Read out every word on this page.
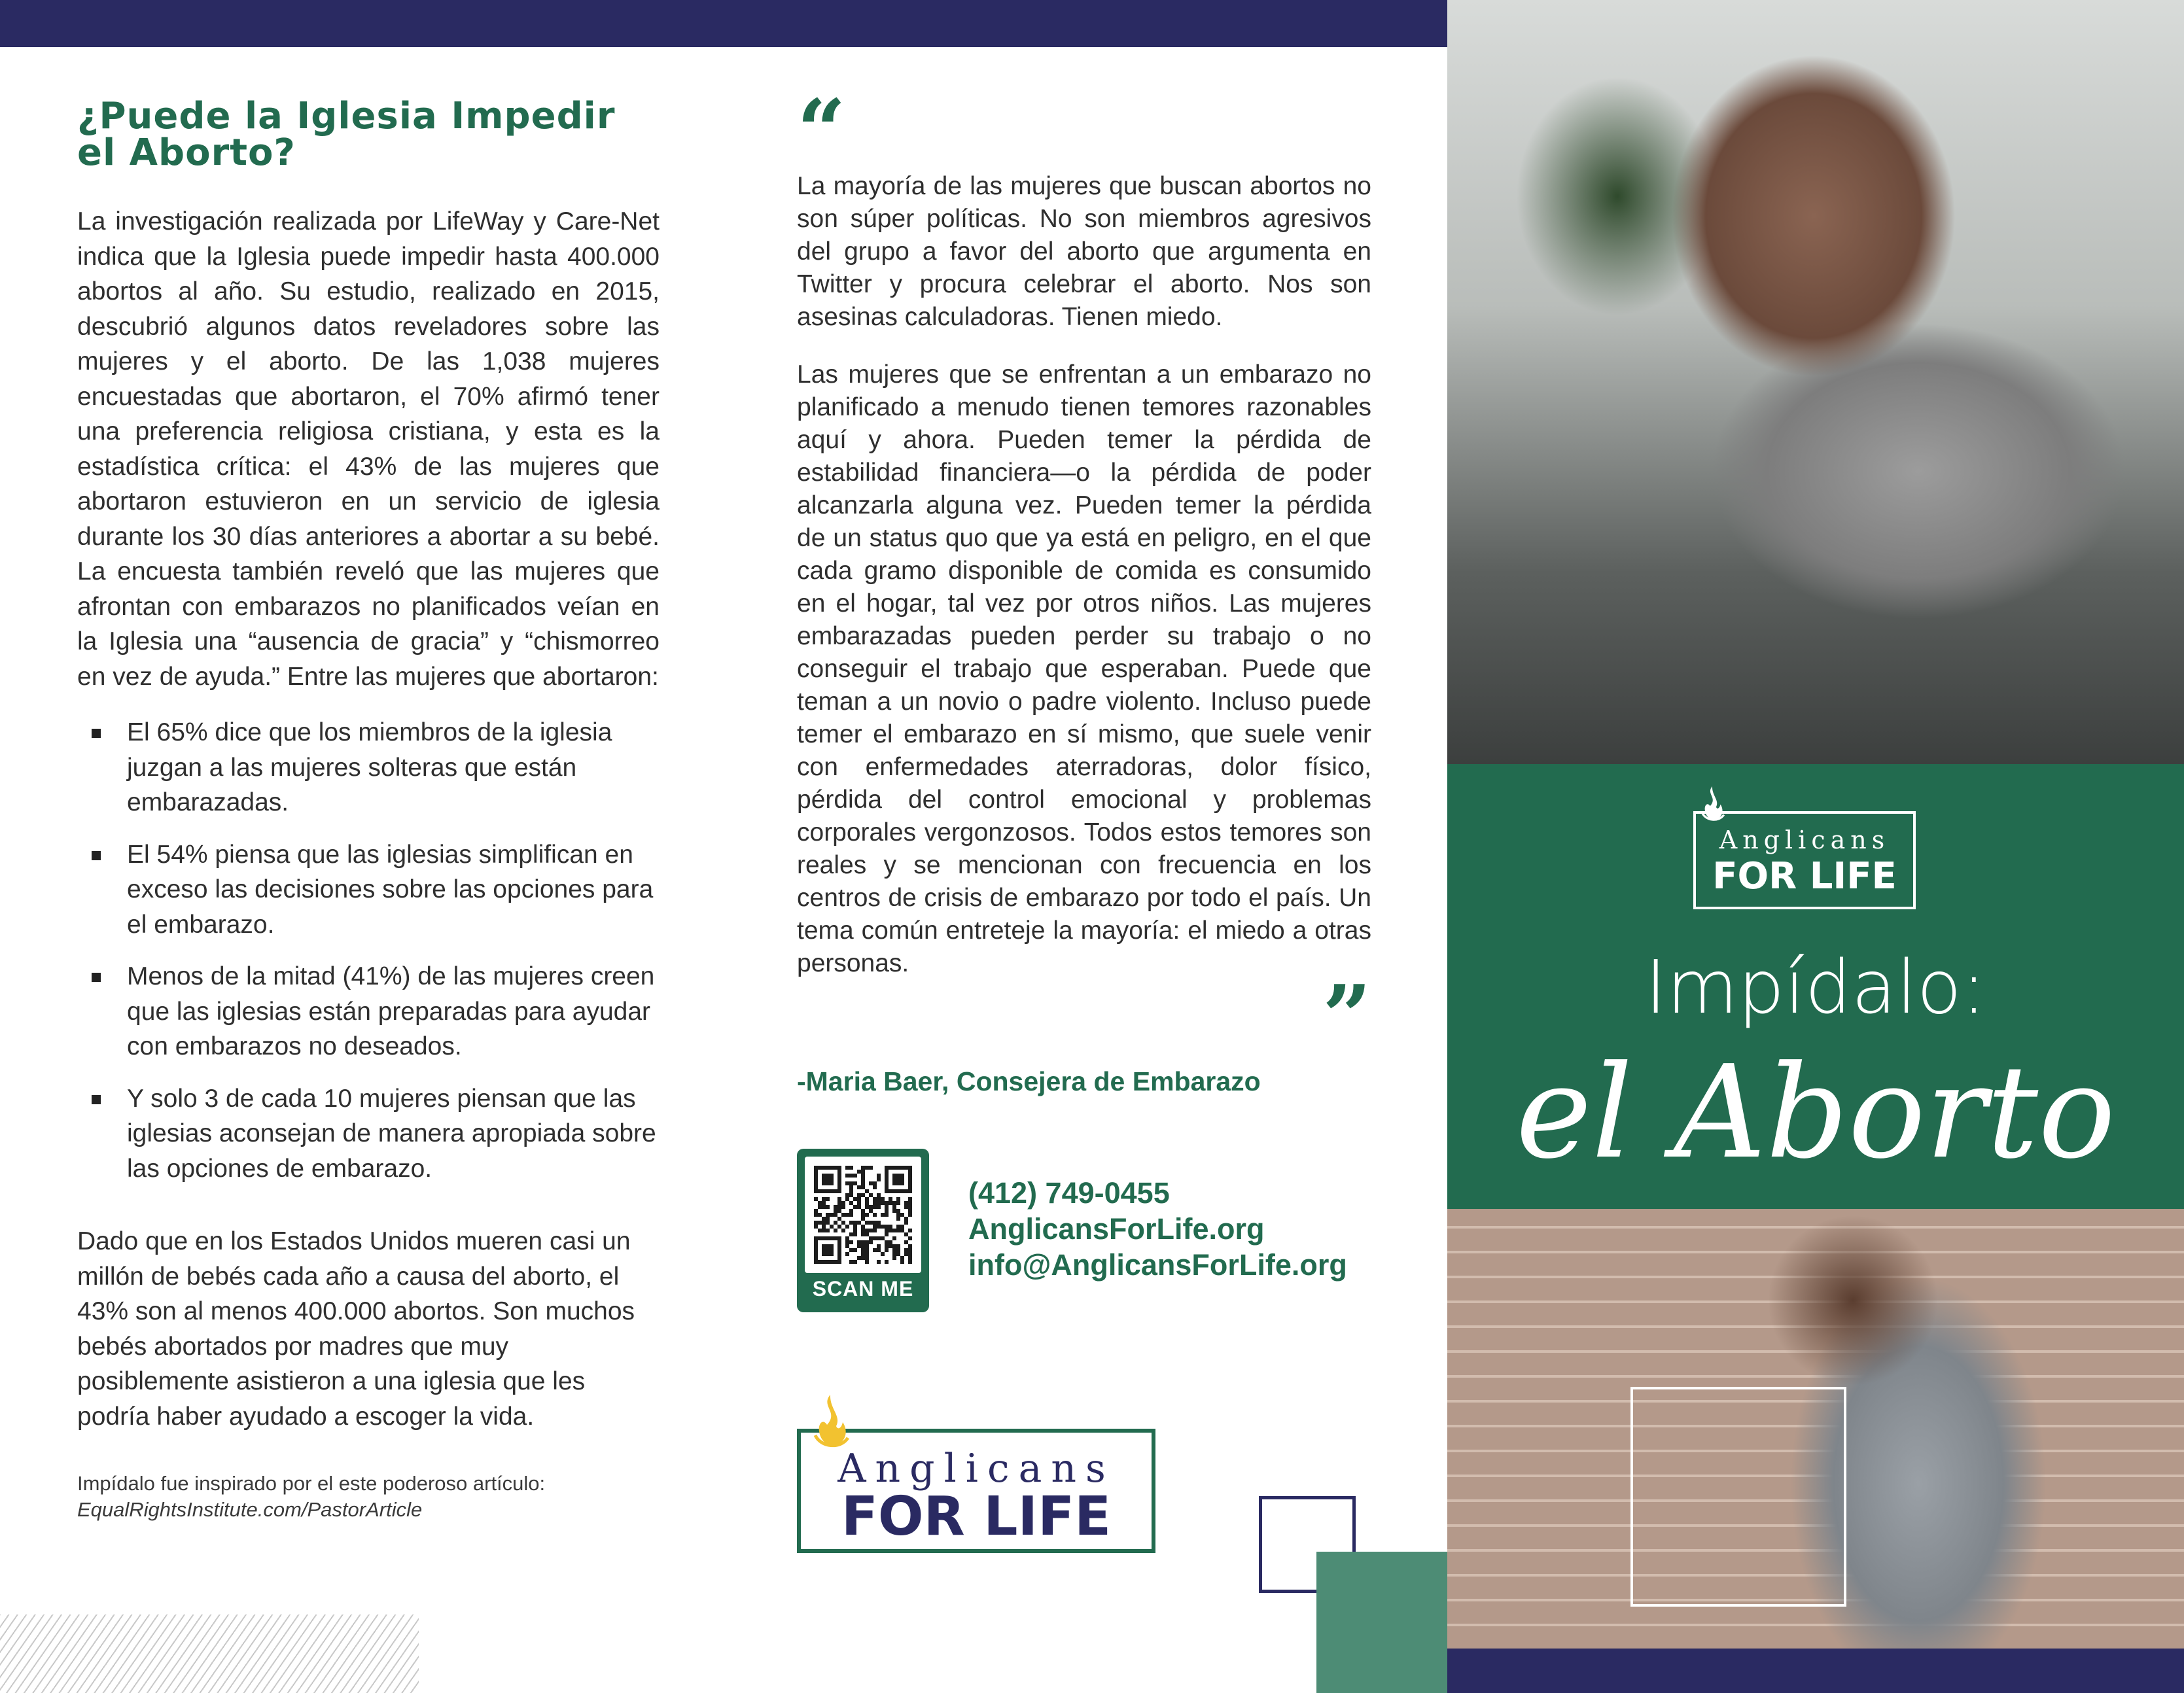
¿Puede la Iglesia Impedir el Aborto?

La investigación realizada por LifeWay y Care-Net indica que la Iglesia puede impedir hasta 400.000 abortos al año. Su estudio, realizado en 2015, descubrió algunos datos reveladores sobre las mujeres y el aborto. De las 1,038 mujeres encuestadas que abortaron, el 70% afirmó tener una preferencia religiosa cristiana, y esta es la estadística crítica: el 43% de las mujeres que abortaron estuvieron en un servicio de iglesia durante los 30 días anteriores a abortar a su bebé. La encuesta también reveló que las mujeres que afrontan con embarazos no planificados veían en la Iglesia una “ausencia de gracia” y “chismorreo en vez de ayuda.” Entre las mujeres que abortaron:

El 65% dice que los miembros de la iglesia juzgan a las mujeres solteras que están embarazadas.
El 54% piensa que las iglesias simplifican en exceso las decisiones sobre las opciones para el embarazo.
Menos de la mitad (41%) de las mujeres creen que las iglesias están preparadas para ayudar con embarazos no deseados.
Y solo 3 de cada 10 mujeres piensan que las iglesias aconsejan de manera apropiada sobre las opciones de embarazo.

Dado que en los Estados Unidos mueren casi un millón de bebés cada año a causa del aborto, el 43% son al menos 400.000 abortos. Son muchos bebés abortados por madres que muy posiblemente asistieron a una iglesia que les podría haber ayudado a escoger la vida.

Impídalo fue inspirado por el este poderoso artículo:
EqualRightsInstitute.com/PastorArticle
“

La mayoría de las mujeres que buscan abortos no son súper políticas. No son miembros agresivos del grupo a favor del aborto que argumenta en Twitter y procura celebrar el aborto. Nos son asesinas calculadoras. Tienen miedo.

Las mujeres que se enfrentan a un embarazo no planificado a menudo tienen temores razonables aquí y ahora. Pueden temer la pérdida de estabilidad financiera—o la pérdida de poder alcanzarla alguna vez. Pueden temer la pérdida de un status quo que ya está en peligro, en el que cada gramo disponible de comida es consumido en el hogar, tal vez por otros niños. Las mujeres embarazadas pueden perder su trabajo o no conseguir el trabajo que esperaban. Puede que teman a un novio o padre violento. Incluso puede temer el embarazo en sí mismo, que suele venir con enfermedades aterradoras, dolor físico, pérdida del control emocional y problemas corporales vergonzosos. Todos estos temores son reales y se mencionan con frecuencia en los centros de crisis de embarazo por todo el país. Un tema común entreteje la mayoría: el miedo a otras personas.

”
-Maria Baer, Consejera de Embarazo
SCAN ME
(412) 749-0455
AnglicansForLife.org
info@AnglicansForLife.org
Anglicans
FOR LIFE
Anglicans
FOR LIFE
Impídalo:
el Aborto
